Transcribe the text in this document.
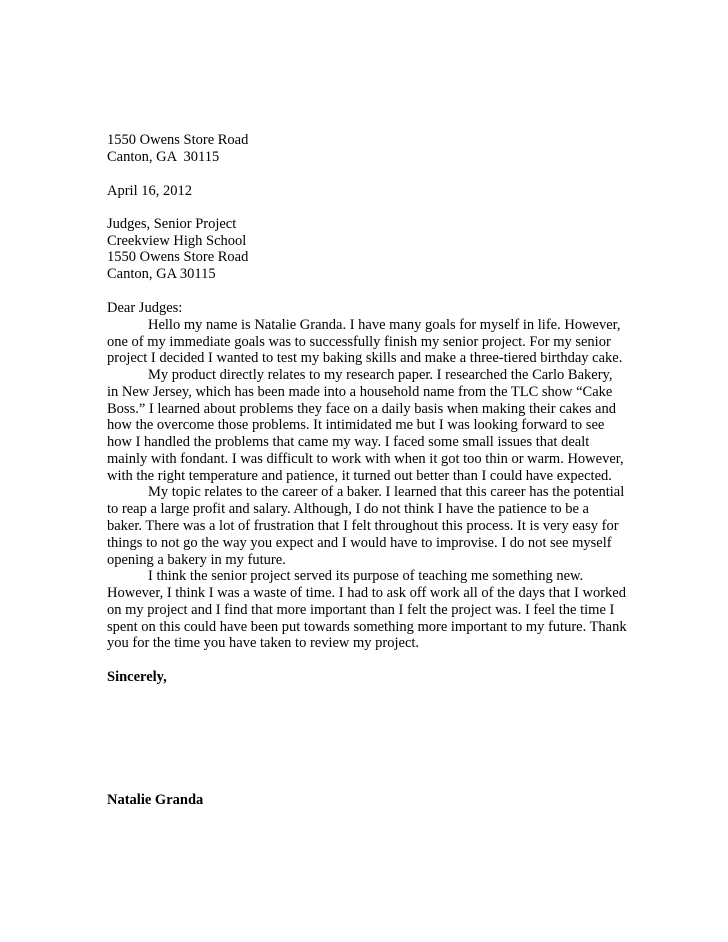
1550 Owens Store Road
Canton, GA  30115
April 16, 2012
Judges, Senior Project
Creekview High School
1550 Owens Store Road
Canton, GA 30115
Dear Judges:
Hello my name is Natalie Granda. I have many goals for myself in life. However,
one of my immediate goals was to successfully finish my senior project. For my senior
project I decided I wanted to test my baking skills and make a three-tiered birthday cake.
My product directly relates to my research paper. I researched the Carlo Bakery,
in New Jersey, which has been made into a household name from the TLC show “Cake
Boss.” I learned about problems they face on a daily basis when making their cakes and
how the overcome those problems. It intimidated me but I was looking forward to see
how I handled the problems that came my way. I faced some small issues that dealt
mainly with fondant. I was difficult to work with when it got too thin or warm. However,
with the right temperature and patience, it turned out better than I could have expected.
My topic relates to the career of a baker. I learned that this career has the potential
to reap a large profit and salary. Although, I do not think I have the patience to be a
baker. There was a lot of frustration that I felt throughout this process. It is very easy for
things to not go the way you expect and I would have to improvise. I do not see myself
opening a bakery in my future.
I think the senior project served its purpose of teaching me something new.
However, I think I was a waste of time. I had to ask off work all of the days that I worked
on my project and I find that more important than I felt the project was. I feel the time I
spent on this could have been put towards something more important to my future. Thank
you for the time you have taken to review my project.
Sincerely,
Natalie Granda
